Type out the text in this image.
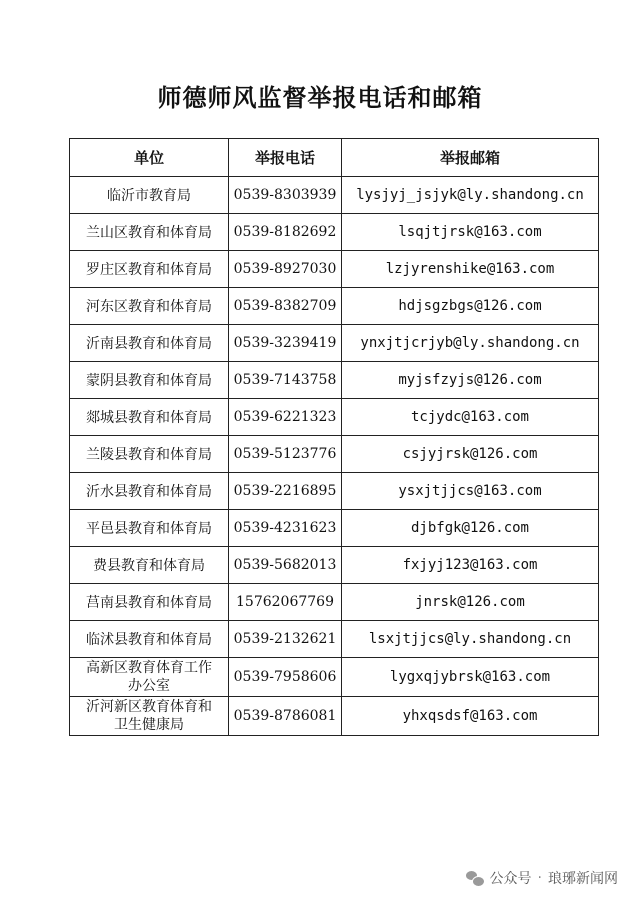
师德师风监督举报电话和邮箱
单位	举报电话	举报邮箱
临沂市教育局	0539-8303939	lysjyj_jsjyk@ly.shandong.cn
兰山区教育和体育局	0539-8182692	lsqjtjrsk@163.com
罗庄区教育和体育局	0539-8927030	lzjyrenshike@163.com
河东区教育和体育局	0539-8382709	hdjsgzbgs@126.com
沂南县教育和体育局	0539-3239419	ynxjtjcrjyb@ly.shandong.cn
蒙阴县教育和体育局	0539-7143758	myjsfzyjs@126.com
郯城县教育和体育局	0539-6221323	tcjydc@163.com
兰陵县教育和体育局	0539-5123776	csjyjrsk@126.com
沂水县教育和体育局	0539-2216895	ysxjtjjcs@163.com
平邑县教育和体育局	0539-4231623	djbfgk@126.com
费县教育和体育局	0539-5682013	fxjyj123@163.com
莒南县教育和体育局	15762067769	jnrsk@126.com
临沭县教育和体育局	0539-2132621	lsxjtjjcs@ly.shandong.cn

高新区教育体育工作
办公室	0539-7958606	lygxqjybrsk@163.com

沂河新区教育体育和
卫生健康局	0539-8786081	yhxqsdsf@163.com
公众号 · 琅琊新闻网
